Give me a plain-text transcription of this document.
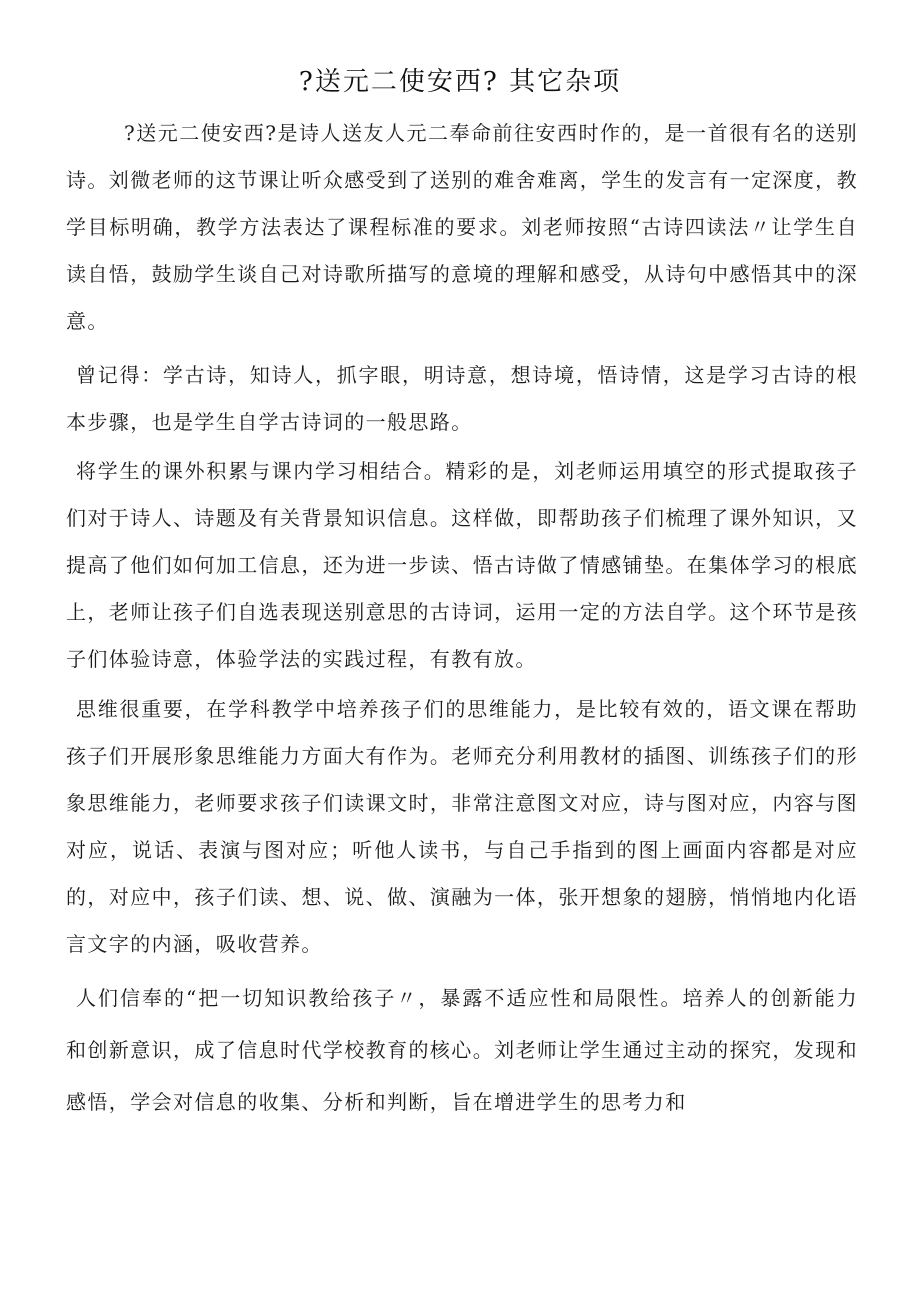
?送元二使安西? 其它杂项

?送元二使安西?是诗人送友人元二奉命前往安西时作的，是一首很有名的送别诗。刘微老师的这节课让听众感受到了送别的难舍难离，学生的发言有一定深度，教学目标明确，教学方法表达了课程标准的要求。刘老师按照“古诗四读法〃让学生自读自悟，鼓励学生谈自己对诗歌所描写的意境的理解和感受，从诗句中感悟其中的深意。

曾记得：学古诗，知诗人，抓字眼，明诗意，想诗境，悟诗情，这是学习古诗的根本步骤，也是学生自学古诗词的一般思路。

将学生的课外积累与课内学习相结合。精彩的是，刘老师运用填空的形式提取孩子们对于诗人、诗题及有关背景知识信息。这样做，即帮助孩子们梳理了课外知识，又提高了他们如何加工信息，还为进一步读、悟古诗做了情感铺垫。在集体学习的根底上，老师让孩子们自选表现送别意思的古诗词，运用一定的方法自学。这个环节是孩子们体验诗意，体验学法的实践过程，有教有放。

思维很重要，在学科教学中培养孩子们的思维能力，是比较有效的，语文课在帮助孩子们开展形象思维能力方面大有作为。老师充分利用教材的插图、训练孩子们的形象思维能力，老师要求孩子们读课文时，非常注意图文对应，诗与图对应，内容与图对应，说话、表演与图对应；听他人读书，与自己手指到的图上画面内容都是对应的，对应中，孩子们读、想、说、做、演融为一体，张开想象的翅膀，悄悄地内化语言文字的内涵，吸收营养。

人们信奉的“把一切知识教给孩子〃，暴露不适应性和局限性。培养人的创新能力和创新意识，成了信息时代学校教育的核心。刘老师让学生通过主动的探究，发现和感悟，学会对信息的收集、分析和判断，旨在增进学生的思考力和
